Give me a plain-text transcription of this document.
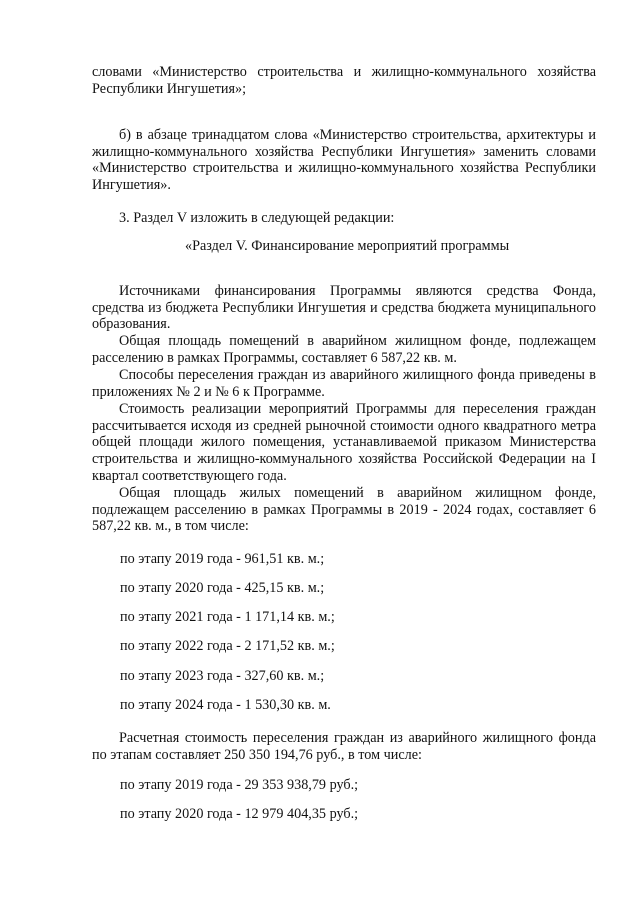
словами «Министерство строительства и жилищно-коммунального хозяйства Республики Ингушетия»;

б) в абзаце тринадцатом слова «Министерство строительства, архитектуры и жилищно-коммунального хозяйства Республики Ингушетия» заменить словами «Министерство строительства и жилищно-коммунального хозяйства Республики Ингушетия».

3. Раздел V изложить в следующей редакции:

«Раздел V. Финансирование мероприятий программы

Источниками финансирования Программы являются средства Фонда, средства из бюджета Республики Ингушетия и средства бюджета муниципального образования.

Общая площадь помещений в аварийном жилищном фонде, подлежащем расселению в рамках Программы, составляет 6 587,22 кв. м.

Способы переселения граждан из аварийного жилищного фонда приведены в приложениях № 2 и № 6 к Программе.

Стоимость реализации мероприятий Программы для переселения граждан рассчитывается исходя из средней рыночной стоимости одного квадратного метра общей площади жилого помещения, устанавливаемой приказом Министерства строительства и жилищно-коммунального хозяйства Российской Федерации на I квартал соответствующего года.

Общая площадь жилых помещений в аварийном жилищном фонде, подлежащем расселению в рамках Программы в 2019 - 2024 годах, составляет 6 587,22 кв. м., в том числе:

по этапу 2019 года - 961,51 кв. м.;

по этапу 2020 года - 425,15 кв. м.;

по этапу 2021 года - 1 171,14 кв. м.;

по этапу 2022 года - 2 171,52 кв. м.;

по этапу 2023 года - 327,60 кв. м.;

по этапу 2024 года - 1 530,30 кв. м.

Расчетная стоимость переселения граждан из аварийного жилищного фонда по этапам составляет 250 350 194,76 руб., в том числе:

по этапу 2019 года - 29 353 938,79 руб.;

по этапу 2020 года - 12 979 404,35 руб.;
